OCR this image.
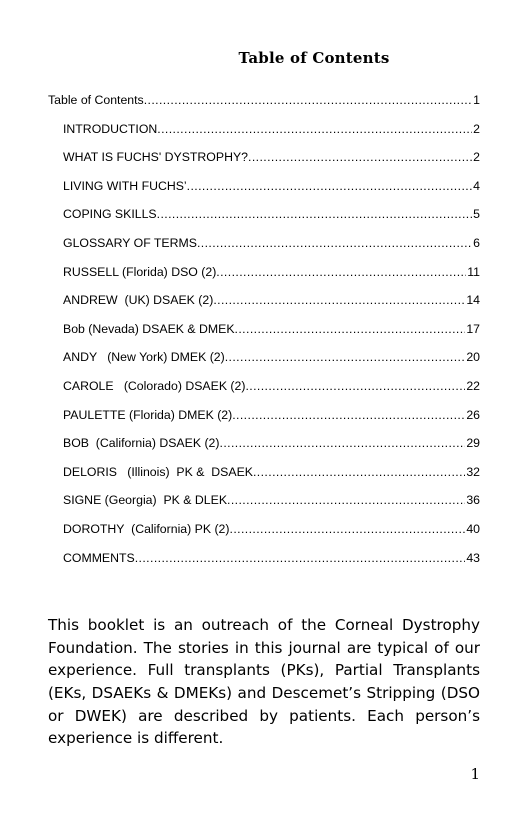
Table of Contents
Table of Contents .....	1
INTRODUCTION .....	2
WHAT IS FUCHS' DYSTROPHY? .....	2
LIVING WITH FUCHS’ .....	4
COPING SKILLS .....	5
GLOSSARY OF TERMS .....	6
RUSSELL (Florida) DSO (2) .....	11
ANDREW  (UK) DSAEK (2) .....	14
Bob (Nevada) DSAEK & DMEK .....	17
ANDY   (New York) DMEK (2) .....	20
CAROLE   (Colorado) DSAEK (2) .....	22
PAULETTE (Florida) DMEK (2) .....	26
BOB  (California) DSAEK (2) .....	29
DELORIS   (Illinois)  PK &  DSAEK .....	32
SIGNE (Georgia)  PK & DLEK .....	36
DOROTHY  (California) PK (2) .....	40
COMMENTS .....	43

This booklet is an outreach of the Corneal Dystrophy Foundation. The stories in this journal are typical of our experience. Full transplants (PKs), Partial Transplants (EKs, DSAEKs & DMEKs) and Descemet’s Stripping (DSO or DWEK) are described by patients. Each person’s experience is different.

1
